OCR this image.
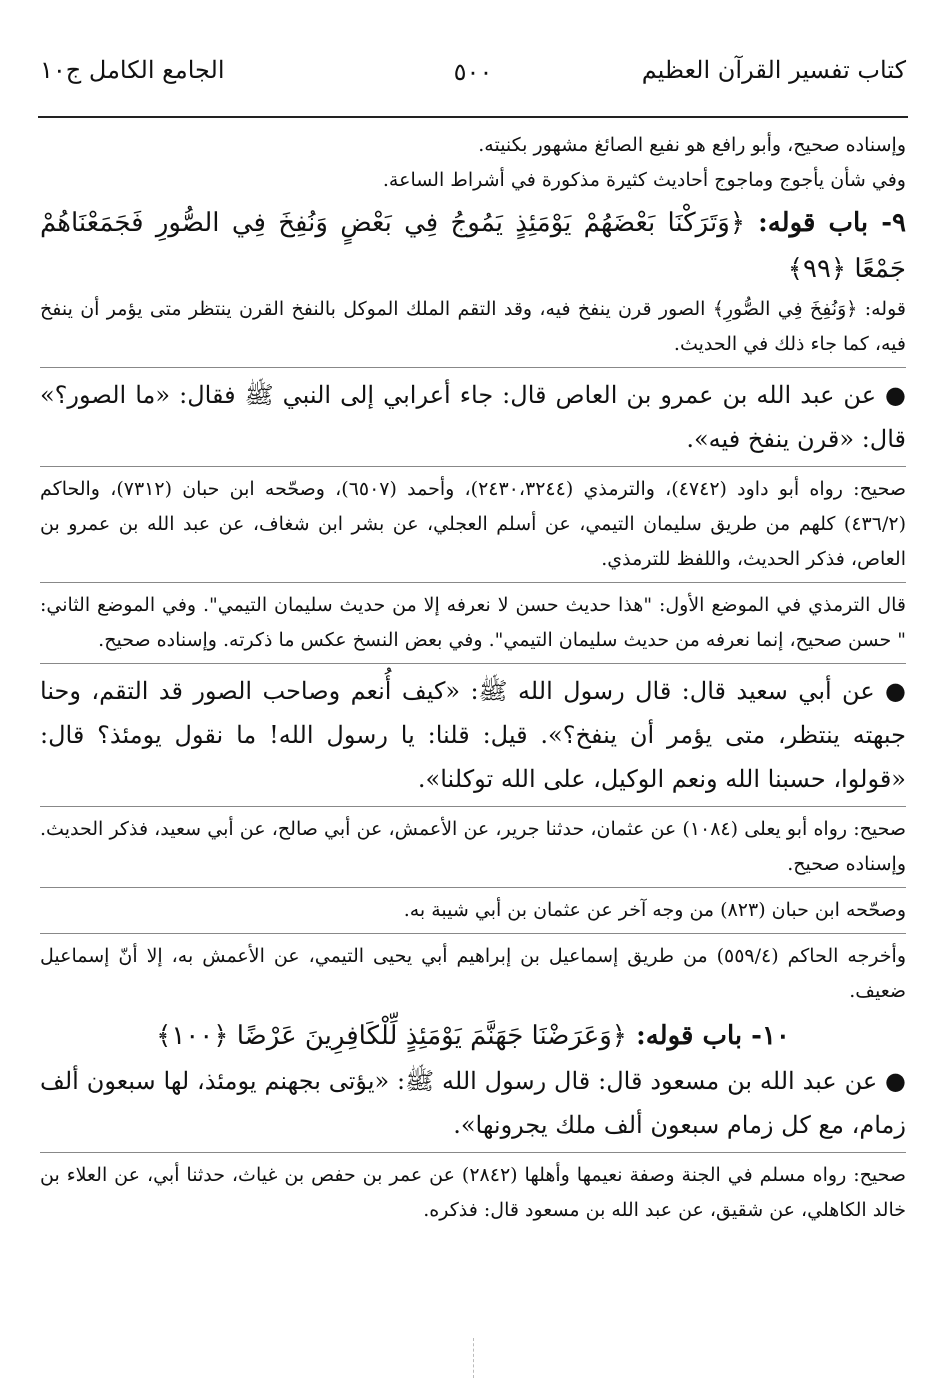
كتاب تفسير القرآن العظيم
٥٠٠
الجامع الكامل ج١٠

وإسناده صحيح، وأبو رافع هو نفيع الصائغ مشهور بكنيته.

وفي شأن يأجوج وماجوج أحاديث كثيرة مذكورة في أشراط الساعة.

٩- باب قوله: ﴿وَتَرَكْنَا بَعْضَهُمْ يَوْمَئِذٍ يَمُوجُ فِي بَعْضٍ وَنُفِخَ فِي الصُّورِ فَجَمَعْنَاهُمْ جَمْعًا ﴿٩٩﴾

قوله: ﴿وَنُفِخَ فِي الصُّورِ﴾ الصور قرن ينفخ فيه، وقد التقم الملك الموكل بالنفخ القرن ينتظر متى يؤمر أن ينفخ فيه، كما جاء ذلك في الحديث.

● عن عبد الله بن عمرو بن العاص قال: جاء أعرابي إلى النبي ﷺ فقال: «ما الصور؟» قال: «قرن ينفخ فيه».

صحيح: رواه أبو داود (٤٧٤٢)، والترمذي (٢٤٣٠،٣٢٤٤)، وأحمد (٦٥٠٧)، وصحّحه ابن حبان (٧٣١٢)، والحاكم (٤٣٦/٢) كلهم من طريق سليمان التيمي، عن أسلم العجلي، عن بشر ابن شغاف، عن عبد الله بن عمرو بن العاص، فذكر الحديث، واللفظ للترمذي.

قال الترمذي في الموضع الأول: "هذا حديث حسن لا نعرفه إلا من حديث سليمان التيمي". وفي الموضع الثاني: " حسن صحيح، إنما نعرفه من حديث سليمان التيمي". وفي بعض النسخ عكس ما ذكرته. وإسناده صحيح.

● عن أبي سعيد قال: قال رسول الله ﷺ: «كيف أُنعم وصاحب الصور قد التقم، وحنا جبهته ينتظر، متى يؤمر أن ينفخ؟». قيل: قلنا: يا رسول الله! ما نقول يومئذ؟ قال: «قولوا، حسبنا الله ونعم الوكيل، على الله توكلنا».

صحيح: رواه أبو يعلى (١٠٨٤) عن عثمان، حدثنا جرير، عن الأعمش، عن أبي صالح، عن أبي سعيد، فذكر الحديث. وإسناده صحيح.

وصحّحه ابن حبان (٨٢٣) من وجه آخر عن عثمان بن أبي شيبة به.

وأخرجه الحاكم (٥٥٩/٤) من طريق إسماعيل بن إبراهيم أبي يحيى التيمي، عن الأعمش به، إلا أنّ إسماعيل ضعيف.

١٠- باب قوله: ﴿وَعَرَضْنَا جَهَنَّمَ يَوْمَئِذٍ لِّلْكَافِرِينَ عَرْضًا ﴿١٠٠﴾

● عن عبد الله بن مسعود قال: قال رسول الله ﷺ: «يؤتى بجهنم يومئذ، لها سبعون ألف زمام، مع كل زمام سبعون ألف ملك يجرونها».

صحيح: رواه مسلم في الجنة وصفة نعيمها وأهلها (٢٨٤٢) عن عمر بن حفص بن غياث، حدثنا أبي، عن العلاء بن خالد الكاهلي، عن شقيق، عن عبد الله بن مسعود قال: فذكره.
